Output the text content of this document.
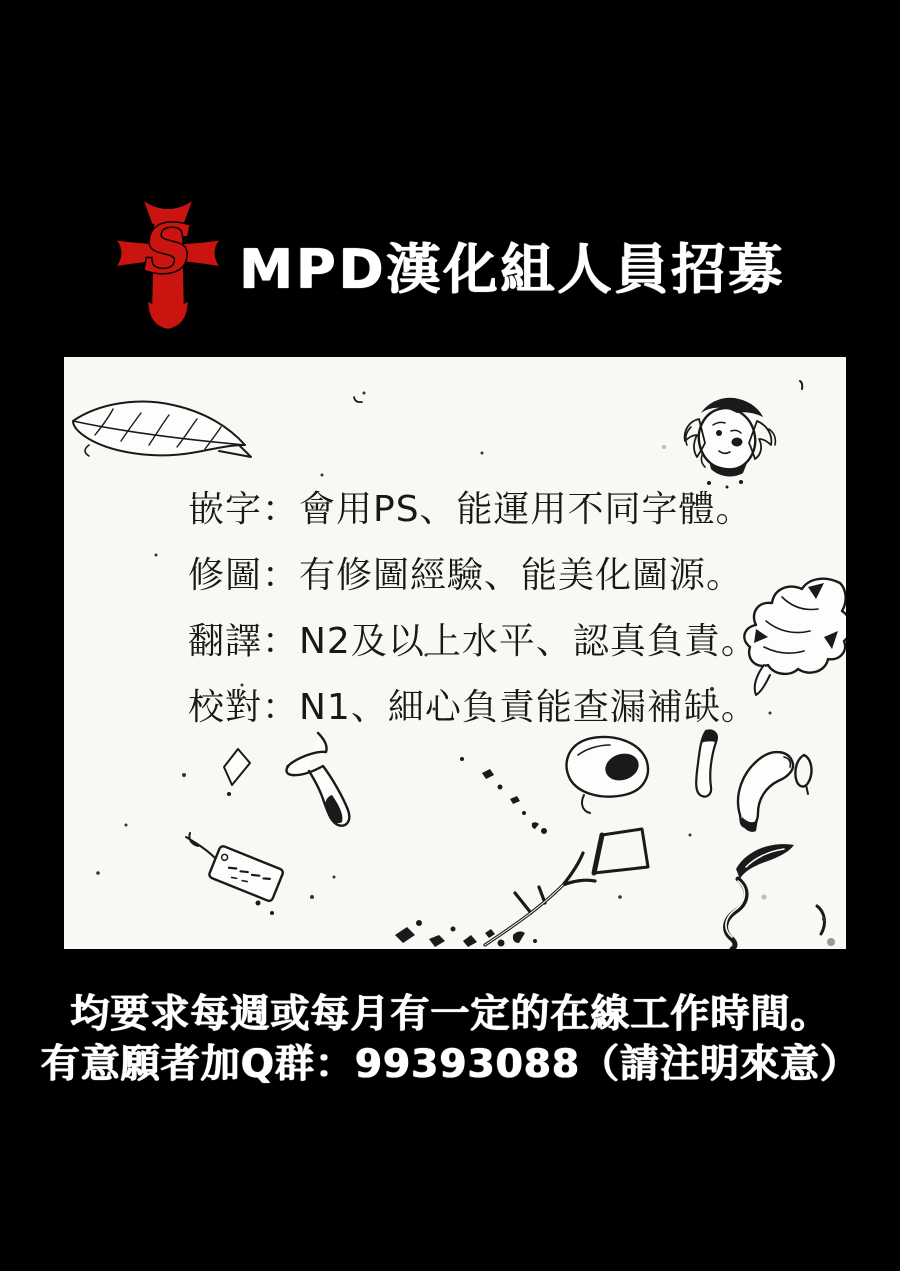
S MPD漢化組人員招募
嵌字：會用PS、能運用不同字體。
修圖：有修圖經驗、能美化圖源。
翻譯：N2及以上水平、認真負責。
校對：N1、細心負責能查漏補缺。
均要求每週或每月有一定的在線工作時間。
有意願者加Q群：99393088（請注明來意）
